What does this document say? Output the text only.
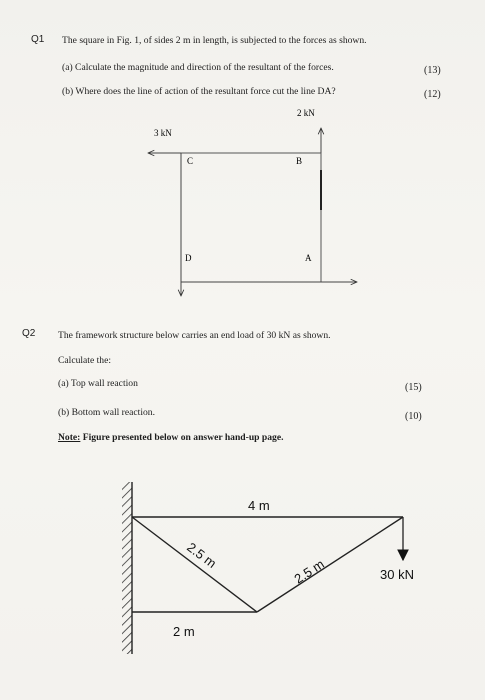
Q1 The square in Fig. 1, of sides 2 m in length, is subjected to the forces as shown.
(a) Calculate the magnitude and direction of the resultant of the forces.	(13)
(b) Where does the line of action of the resultant force cut the line DA?	(12)
2 kN
3 kN
C	B
D	A
Q2 The framework structure below carries an end load of 30 kN as shown.
Calculate the:
(a) Top wall reaction	(15)
(b) Bottom wall reaction.	(10)
Note: Figure presented below on answer hand-up page.
4 m
2.5 m
2.5 m
2 m
30 kN
